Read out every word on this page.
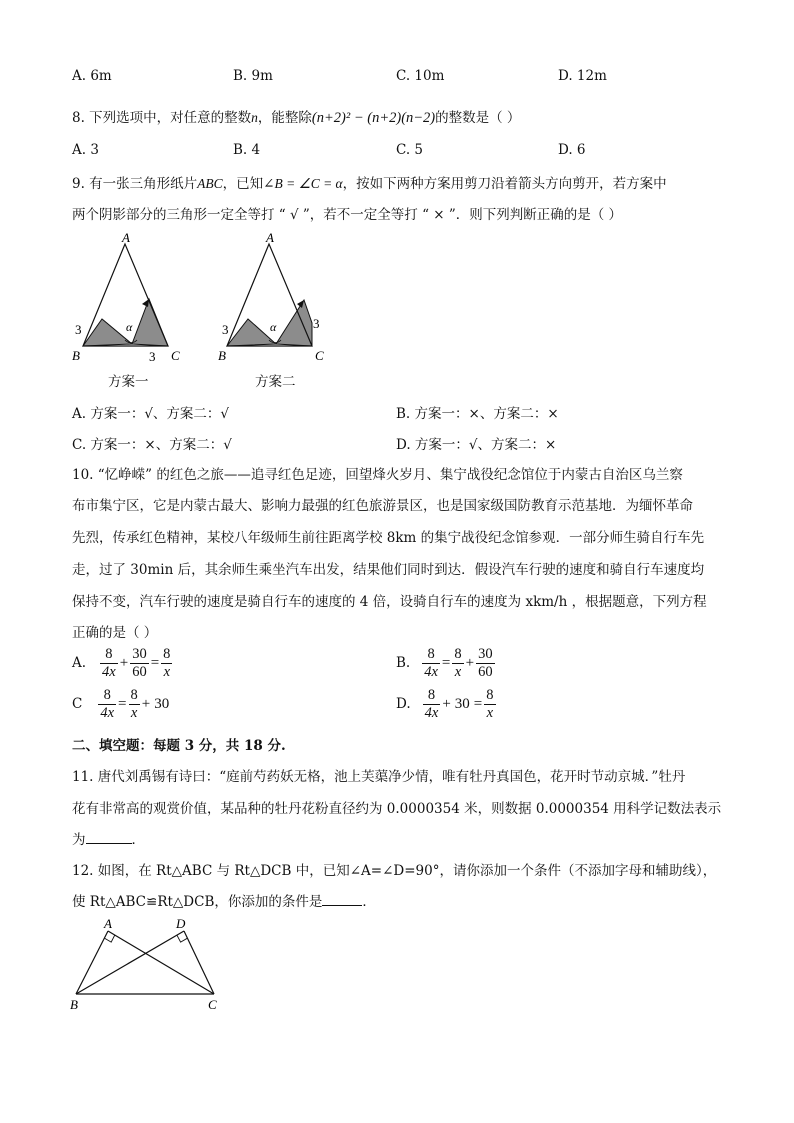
A. 6m	B. 9m	C. 10m	D. 12m
8. 下列选项中，对任意的整数n，能整除(n+2)² − (n+2)(n−2)的整数是（ ）
A. 3	B. 4	C. 5	D. 6
9. 有一张三角形纸片ABC，已知∠B = ∠C = α，按如下两种方案用剪刀沿着箭头方向剪开，若方案中
两个阴影部分的三角形一定全等打 “ √ ”，若不一定全等打 “ × ”．则下列判断正确的是（ ）
A
B	C
3
3
α
方案一
A
B	C
3	3
α
方案二
A. 方案一：√、方案二：√	B. 方案一：×、方案二：×
C. 方案一：×、方案二：√	D. 方案一：√、方案二：×
10. “忆峥嵘” 的红色之旅——追寻红色足迹，回望烽火岁月、集宁战役纪念馆位于内蒙古自治区乌兰察
布市集宁区，它是内蒙古最大、影响力最强的红色旅游景区，也是国家级国防教育示范基地．为缅怀革命
先烈，传承红色精神，某校八年级师生前往距离学校 8km 的集宁战役纪念馆参观．一部分师生骑自行车先
走，过了 30min 后，其余师生乘坐汽车出发，结果他们同时到达．假设汽车行驶的速度和骑自行车速度均
保持不变，汽车行驶的速度是骑自行车的速度的 4 倍，设骑自行车的速度为 xkm/h ，根据题意，下列方程
正确的是（ ）
A. $\frac{8}{4x} + \frac{30}{60} = \frac{8}{x}$	B. $\frac{8}{4x} = \frac{8}{x} + \frac{30}{60}$
C $\frac{8}{4x} = \frac{8}{x} + 30$	D. $\frac{8}{4x} + 30 = \frac{8}{x}$
二、填空题：每题 3 分，共 18 分.
11. 唐代刘禹锡有诗曰：“庭前芍药妖无格，池上芙蕖净少情，唯有牡丹真国色，花开时节动京城．”牡丹
花有非常高的观赏价值，某品种的牡丹花粉直径约为 0.0000354 米，则数据 0.0000354 用科学记数法表示
为	．
12. 如图，在 Rt△ABC 与 Rt△DCB 中，已知∠A=∠D=90°，请你添加一个条件（不添加字母和辅助线），
使 Rt△ABC≌Rt△DCB，你添加的条件是	．
A	D
B	C
